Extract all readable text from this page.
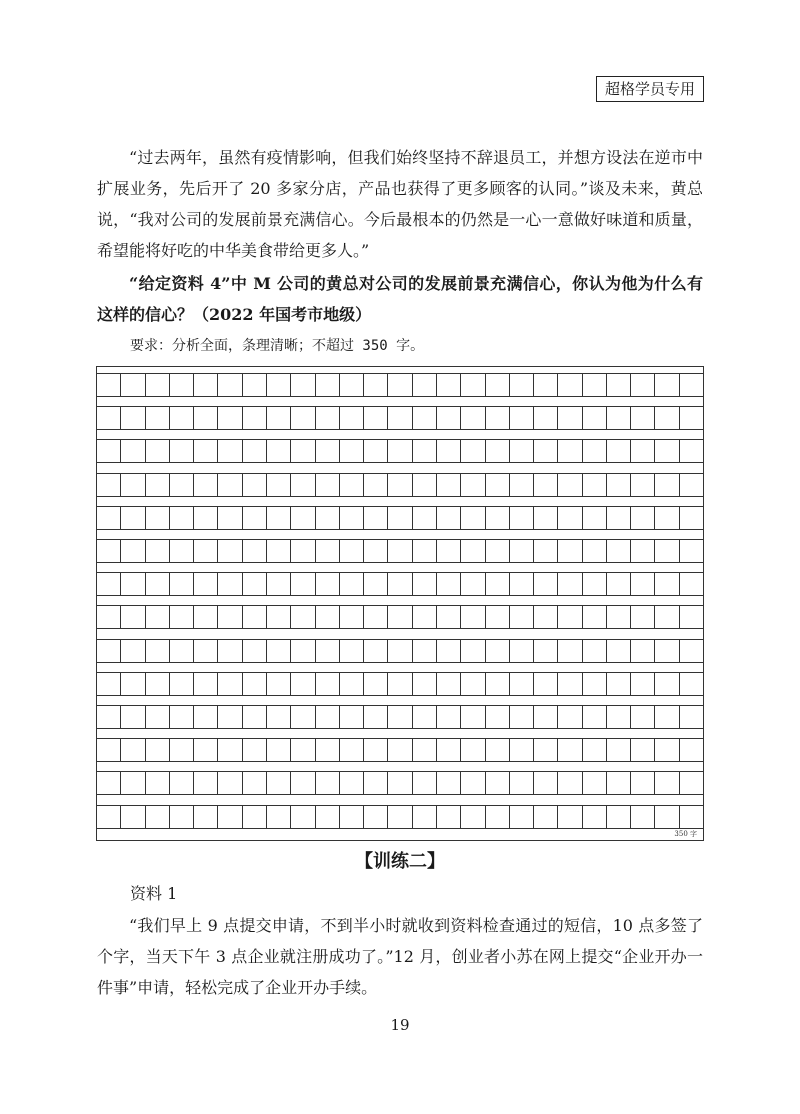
超格学员专用

“过去两年，虽然有疫情影响，但我们始终坚持不辞退员工，并想方设法在逆市中扩展业务，先后开了 20 多家分店，产品也获得了更多顾客的认同。”谈及未来，黄总说，“我对公司的发展前景充满信心。今后最根本的仍然是一心一意做好味道和质量，希望能将好吃的中华美食带给更多人。”

“给定资料 4”中 M 公司的黄总对公司的发展前景充满信心，你认为他为什么有这样的信心？（2022 年国考市地级）

要求：分析全面，条理清晰；不超过 350 字。
350 字
【训练二】
资料 1

“我们早上 9 点提交申请，不到半小时就收到资料检查通过的短信，10 点多签了个字，当天下午 3 点企业就注册成功了。”12 月，创业者小苏在网上提交“企业开办一件事”申请，轻松完成了企业开办手续。

19
